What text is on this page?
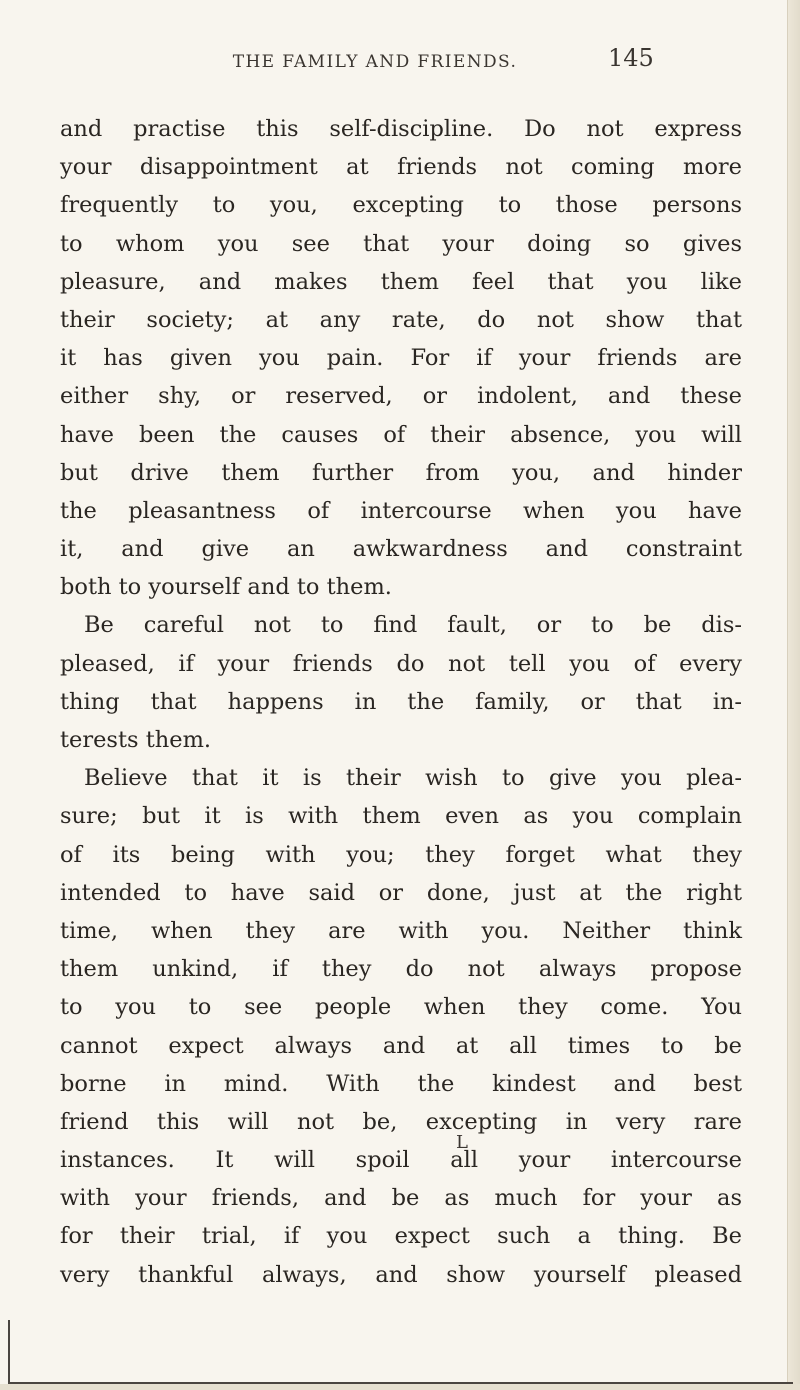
THE FAMILY AND FRIENDS.	145
and practise this self-discipline. Do not express
your disappointment at friends not coming more
frequently to you, excepting to those persons
to whom you see that your doing so gives
pleasure, and makes them feel that you like
their society; at any rate, do not show that
it has given you pain. For if your friends are
either shy, or reserved, or indolent, and these
have been the causes of their absence, you will
but drive them further from you, and hinder
the pleasantness of intercourse when you have
it, and give an awkwardness and constraint
both to yourself and to them.
Be careful not to find fault, or to be dis-
pleased, if your friends do not tell you of every
thing that happens in the family, or that in-
terests them.
Believe that it is their wish to give you plea-
sure; but it is with them even as you complain
of its being with you; they forget what they
intended to have said or done, just at the right
time, when they are with you. Neither think
them unkind, if they do not always propose
to you to see people when they come. You
cannot expect always and at all times to be
borne in mind. With the kindest and best
friend this will not be, excepting in very rare
instances. It will spoil all your intercourse
with your friends, and be as much for your as
for their trial, if you expect such a thing. Be
very thankful always, and show yourself pleased
L
